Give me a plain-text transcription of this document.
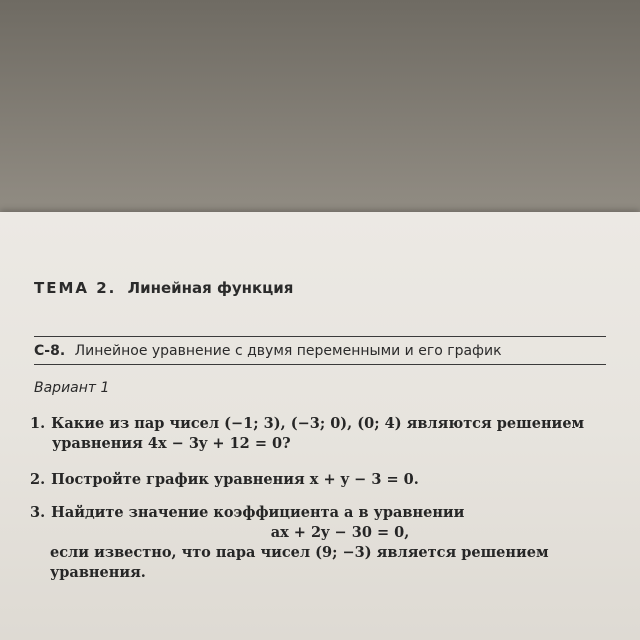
ТЕМА 2. Линейная функция
С-8. Линейное уравнение с двумя переменными и его график
Вариант 1
1. Какие из пар чисел (−1; 3), (−3; 0), (0; 4) являются решением
уравнения 4x − 3y + 12 = 0?
2. Постройте график уравнения x + y − 3 = 0.
3. Найдите значение коэффициента a в уравнении
ax + 2y − 30 = 0,
если известно, что пара чисел (9; −3) является решением
уравнения.
